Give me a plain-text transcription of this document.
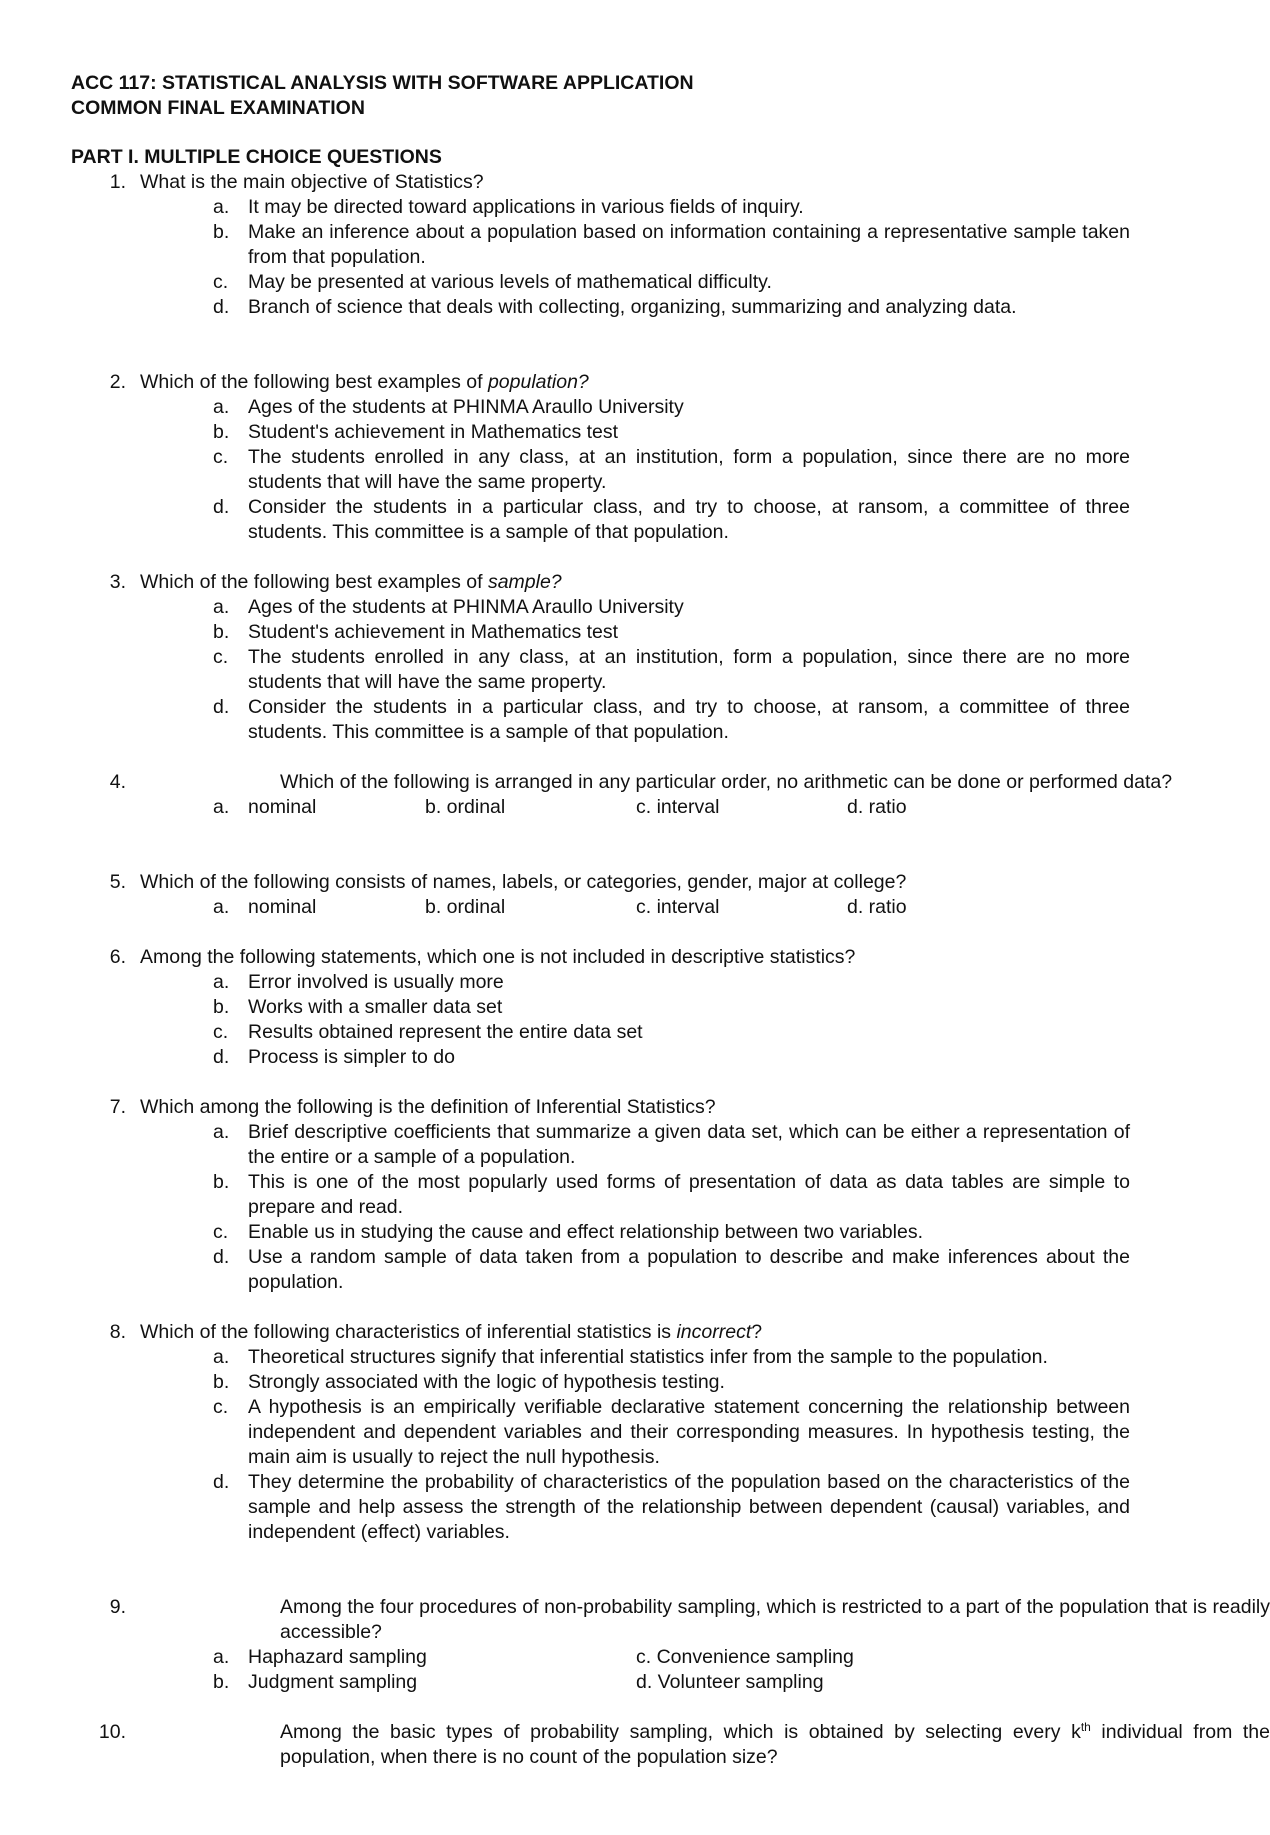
ACC 117: STATISTICAL ANALYSIS WITH SOFTWARE APPLICATION
COMMON FINAL EXAMINATION
PART I. MULTIPLE CHOICE QUESTIONS
1. What is the main objective of Statistics?
a. It may be directed toward applications in various fields of inquiry.
b. Make an inference about a population based on information containing a representative sample taken from that population.
c.	May be presented at various levels of mathematical difficulty.
d. Branch of science that deals with collecting, organizing, summarizing and analyzing data.
2. Which of the following best examples of population?
a. Ages of the students at PHINMA Araullo University
b. Student's achievement in Mathematics test
c.	The students enrolled in any class, at an institution, form a population, since there are no more students that will have the same property.
d. Consider the students in a particular class, and try to choose, at ransom, a committee of three students. This committee is a sample of that population.
3. Which of the following best examples of sample?
a. Ages of the students at PHINMA Araullo University
b. Student's achievement in Mathematics test
c.	The students enrolled in any class, at an institution, form a population, since there are no more students that will have the same property.
d. Consider the students in a particular class, and try to choose, at ransom, a committee of three students. This committee is a sample of that population.
4.	Which of the following is arranged in any particular order, no arithmetic can be done or performed data?
a. nominal	b. ordinal	c. interval	d. ratio
5. Which of the following consists of names, labels, or categories, gender, major at college?
a. nominal	b. ordinal	c. interval	d. ratio
6. Among the following statements, which one is not included in descriptive statistics?
a. Error involved is usually more
b. Works with a smaller data set
c.	Results obtained represent the entire data set
d. Process is simpler to do
7. Which among the following is the definition of Inferential Statistics?
a. Brief descriptive coefficients that summarize a given data set, which can be either a representation of the entire or a sample of a population.
b. This is one of the most popularly used forms of presentation of data as data tables are simple to prepare and read.
c.	Enable us in studying the cause and effect relationship between two variables.
d. Use a random sample of data taken from a population to describe and make inferences about the population.
8. Which of the following characteristics of inferential statistics is incorrect?
a. Theoretical structures signify that inferential statistics infer from the sample to the population.
b. Strongly associated with the logic of hypothesis testing.
c.	A hypothesis is an empirically verifiable declarative statement concerning the relationship between independent and dependent variables and their corresponding measures. In hypothesis testing, the main aim is usually to reject the null hypothesis.
d. They determine the probability of characteristics of the population based on the characteristics of the sample and help assess the strength of the relationship between dependent (causal) variables, and independent (effect) variables.
9.	Among the four procedures of non-probability sampling, which is restricted to a part of the population that is readily accessible?
a. Haphazard sampling	c. Convenience sampling
b. Judgment sampling	d. Volunteer sampling
10.	Among the basic types of probability sampling, which is obtained by selecting every $k^{th}$ individual from the population, when there is no count of the population size?
